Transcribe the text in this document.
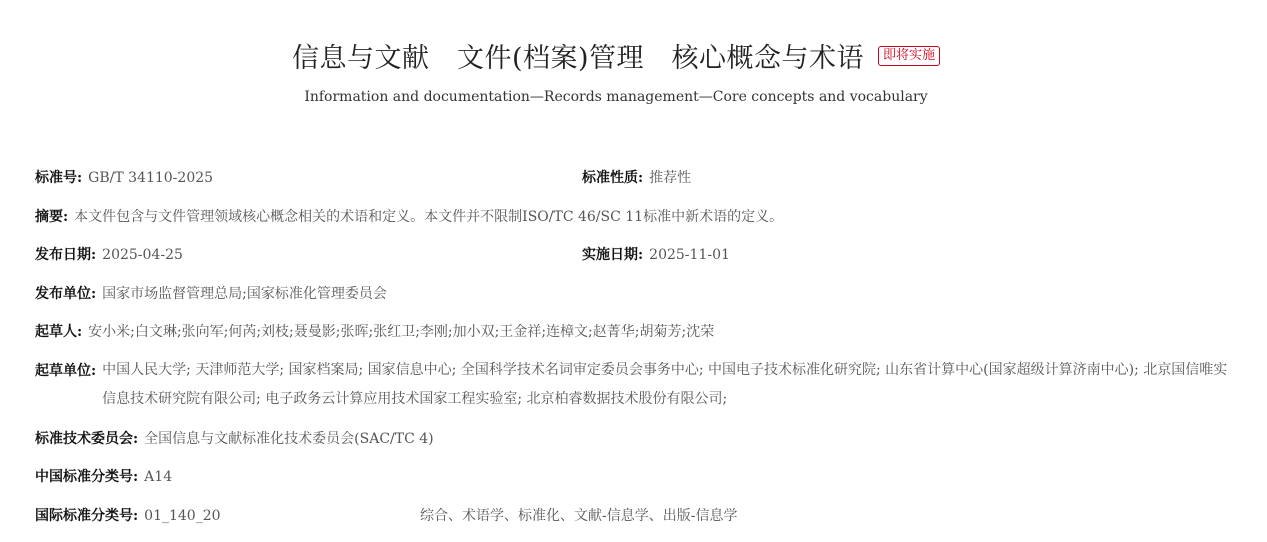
信息与文献　文件(档案)管理　核心概念与术语	即将实施
Information and documentation—Records management—Core concepts and vocabulary
标准号: GB/T 34110-2025	标准性质: 推荐性
摘要: 本文件包含与文件管理领域核心概念相关的术语和定义。本文件并不限制ISO/TC 46/SC 11标准中新术语的定义。
发布日期: 2025-04-25	实施日期: 2025-11-01
发布单位: 国家市场监督管理总局;国家标准化管理委员会
起草人: 安小米;白文琳;张向军;何芮;刘枝;聂曼影;张晖;张红卫;李刚;加小双;王金祥;连樟文;赵菁华;胡菊芳;沈荣
起草单位: 中国人民大学; 天津师范大学; 国家档案局; 国家信息中心; 全国科学技术名词审定委员会事务中心; 中国电子技术标准化研究院; 山东省计算中心(国家超级计算济南中心); 北京国信唯实信息技术研究院有限公司; 电子政务云计算应用技术国家工程实验室; 北京柏睿数据技术股份有限公司;
标准技术委员会: 全国信息与文献标准化技术委员会(SAC/TC 4)
中国标准分类号: A14
国际标准分类号: 01_140_20	综合、术语学、标准化、文献-信息学、出版-信息学
